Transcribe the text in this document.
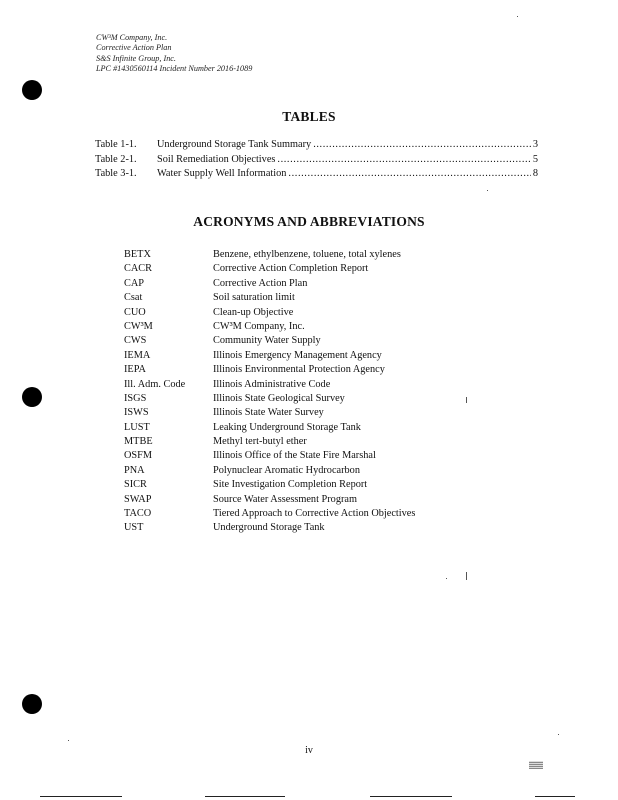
CW³M Company, Inc.
Corrective Action Plan
S&S Infinite Group, Inc.
LPC #1430560114 Incident Number 2016-1089
TABLES
Table 1-1.	Underground Storage Tank Summary .....	3
Table 2-1.	Soil Remediation Objectives .....	5
Table 3-1.	Water Supply Well Information .....	8
ACRONYMS AND ABBREVIATIONS
BETX	Benzene, ethylbenzene, toluene, total xylenes
CACR	Corrective Action Completion Report
CAP	Corrective Action Plan
Csat	Soil saturation limit
CUO	Clean-up Objective
CW³M	CW³M Company, Inc.
CWS	Community Water Supply
IEMA	Illinois Emergency Management Agency
IEPA	Illinois Environmental Protection Agency
Ill. Adm. Code	Illinois Administrative Code
ISGS	Illinois State Geological Survey
ISWS	Illinois State Water Survey
LUST	Leaking Underground Storage Tank
MTBE	Methyl tert-butyl ether
OSFM	Illinois Office of the State Fire Marshal
PNA	Polynuclear Aromatic Hydrocarbon
SICR	Site Investigation Completion Report
SWAP	Source Water Assessment Program
TACO	Tiered Approach to Corrective Action Objectives
UST	Underground Storage Tank
iv
